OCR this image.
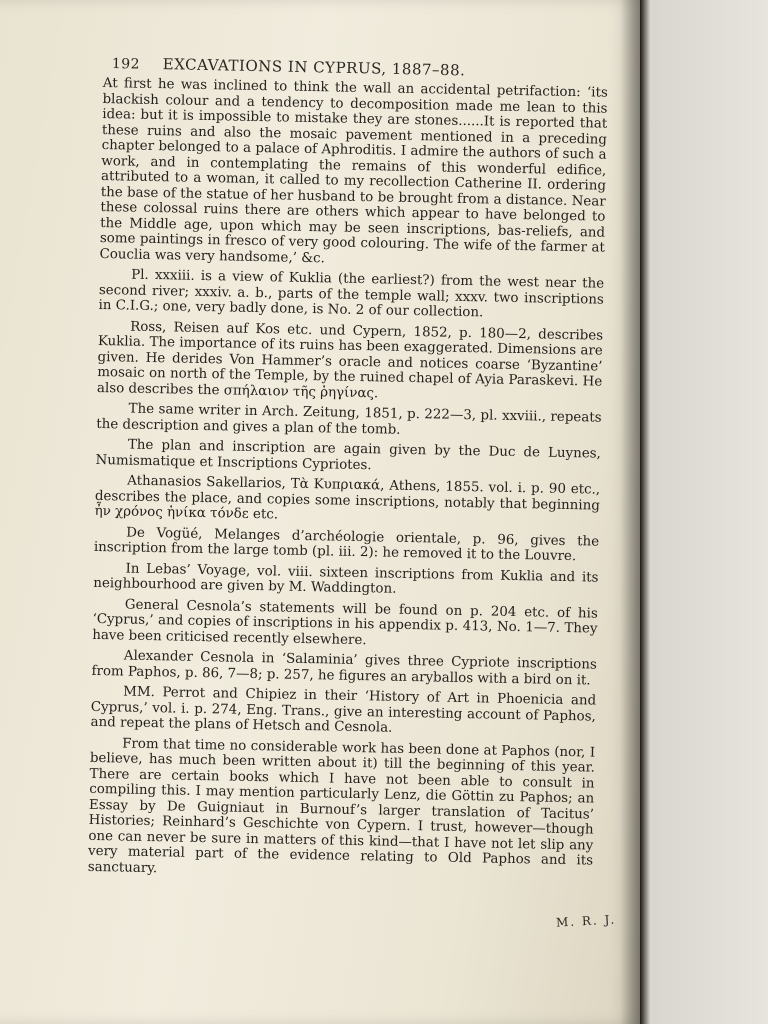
192 EXCAVATIONS IN CYPRUS, 1887–88.

At first he was inclined to think the wall an accidental petrifaction: ‘its blackish colour and a tendency to decomposition made me lean to this idea: but it is impossible to mistake they are stones......It is reported that these ruins and also the mosaic pavement mentioned in a preceding chapter belonged to a palace of Aphroditis. I admire the authors of such a work, and in contemplating the remains of this wonderful edifice, attributed to a woman, it called to my recollection Catherine II. ordering the base of the statue of her husband to be brought from a distance. Near these colossal ruins there are others which appear to have belonged to the Middle age, upon which may be seen inscriptions, bas-reliefs, and some paintings in fresco of very good colouring. The wife of the farmer at Couclia was very handsome,’ &c.

Pl. xxxiii. is a view of Kuklia (the earliest?) from the west near the second river; xxxiv. a. b., parts of the temple wall; xxxv. two inscriptions in C.I.G.; one, very badly done, is No. 2 of our collection.

Ross, Reisen auf Kos etc. und Cypern, 1852, p. 180—2, describes Kuklia. The importance of its ruins has been exaggerated. Dimensions are given. He derides Von Hammer’s oracle and notices coarse ‘Byzantine’ mosaic on north of the Temple, by the ruined chapel of Ayia Paraskevi. He also describes the σπήλαιον τῆς ῥηγίνας.

The same writer in Arch. Zeitung, 1851, p. 222—3, pl. xxviii., repeats the description and gives a plan of the tomb.

The plan and inscription are again given by the Duc de Luynes, Numismatique et Inscriptions Cypriotes.

Athanasios Sakellarios, Τὰ Κυπριακά, Athens, 1855. vol. i. p. 90 etc., describes the place, and copies some inscriptions, notably that beginning ἦν χρόνος ἡνίκα τόνδε etc.

De Vogüé, Melanges d’archéologie orientale, p. 96, gives the inscription from the large tomb (pl. iii. 2): he removed it to the Louvre.

In Lebas’ Voyage, vol. viii. sixteen inscriptions from Kuklia and its neighbourhood are given by M. Waddington.

General Cesnola’s statements will be found on p. 204 etc. of his ‘Cyprus,’ and copies of inscriptions in his appendix p. 413, No. 1—7. They have been criticised recently elsewhere.

Alexander Cesnola in ‘Salaminia’ gives three Cypriote inscriptions from Paphos, p. 86, 7—8; p. 257, he figures an aryballos with a bird on it.

MM. Perrot and Chipiez in their ‘History of Art in Phoenicia and Cyprus,’ vol. i. p. 274, Eng. Trans., give an interesting account of Paphos, and repeat the plans of Hetsch and Cesnola.

From that time no considerable work has been done at Paphos (nor, I believe, has much been written about it) till the beginning of this year. There are certain books which I have not been able to consult in compiling this. I may mention particularly Lenz, die Göttin zu Paphos; an Essay by De Guigniaut in Burnouf’s larger translation of Tacitus’ Histories; Reinhard’s Geschichte von Cypern. I trust, however—though one can never be sure in matters of this kind—that I have not let slip any very material part of the evidence relating to Old Paphos and its sanctuary.

M. R. J.
